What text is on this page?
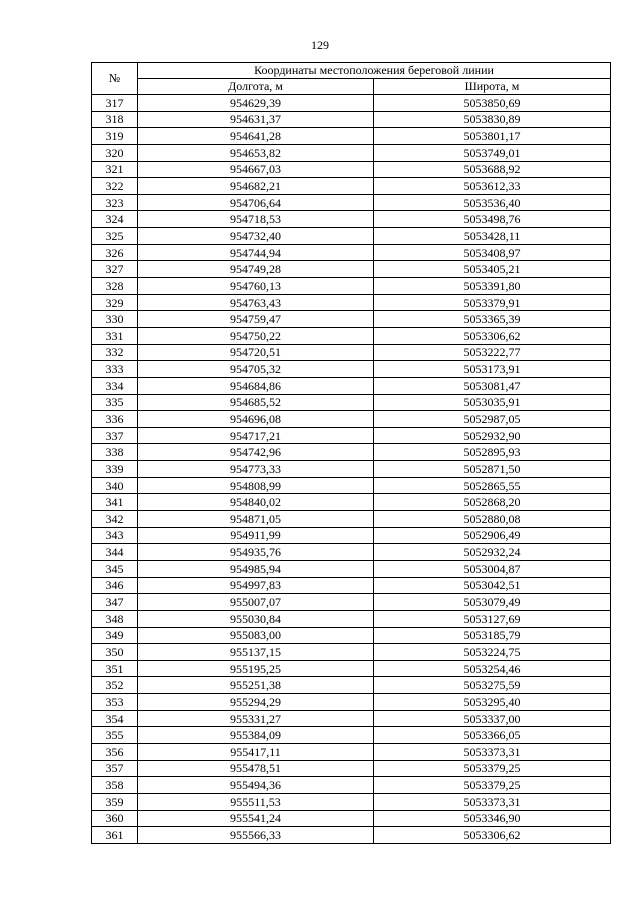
129
№	Координаты местоположения береговой линии	
	Долгота, м	Широта, м
317	954629,39	5053850,69
318	954631,37	5053830,89
319	954641,28	5053801,17
320	954653,82	5053749,01
321	954667,03	5053688,92
322	954682,21	5053612,33
323	954706,64	5053536,40
324	954718,53	5053498,76
325	954732,40	5053428,11
326	954744,94	5053408,97
327	954749,28	5053405,21
328	954760,13	5053391,80
329	954763,43	5053379,91
330	954759,47	5053365,39
331	954750,22	5053306,62
332	954720,51	5053222,77
333	954705,32	5053173,91
334	954684,86	5053081,47
335	954685,52	5053035,91
336	954696,08	5052987,05
337	954717,21	5052932,90
338	954742,96	5052895,93
339	954773,33	5052871,50
340	954808,99	5052865,55
341	954840,02	5052868,20
342	954871,05	5052880,08
343	954911,99	5052906,49
344	954935,76	5052932,24
345	954985,94	5053004,87
346	954997,83	5053042,51
347	955007,07	5053079,49
348	955030,84	5053127,69
349	955083,00	5053185,79
350	955137,15	5053224,75
351	955195,25	5053254,46
352	955251,38	5053275,59
353	955294,29	5053295,40
354	955331,27	5053337,00
355	955384,09	5053366,05
356	955417,11	5053373,31
357	955478,51	5053379,25
358	955494,36	5053379,25
359	955511,53	5053373,31
360	955541,24	5053346,90
361	955566,33	5053306,62
